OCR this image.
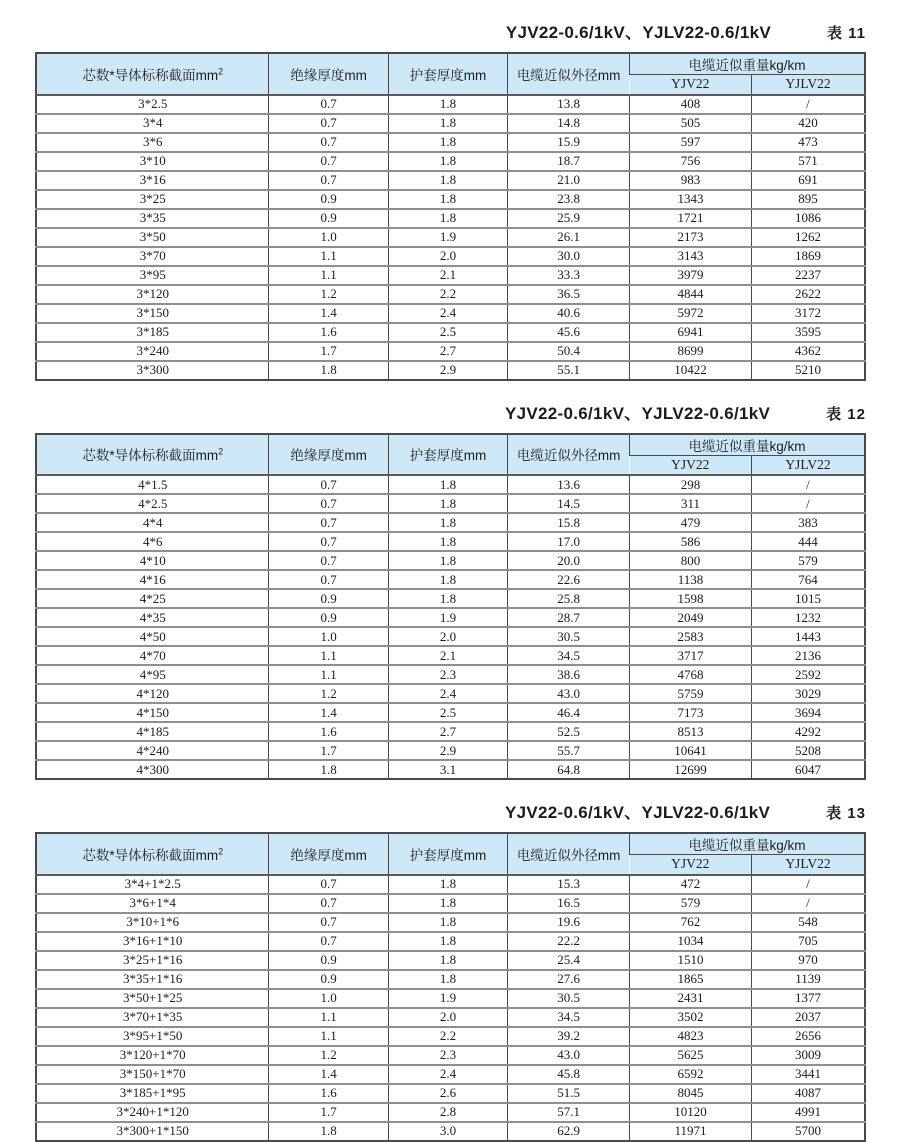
YJV22-0.6/1kV、YJLV22-0.6/1kV	表 11
芯数*导体标称截面$mm^2$	绝缘厚度mm	护套厚度mm	电缆近似外径mm	电缆近似重量kg/km	
				YJV22	YJLV22
3*2.5	0.7	1.8	13.8	408	/
3*4	0.7	1.8	14.8	505	420
3*6	0.7	1.8	15.9	597	473
3*10	0.7	1.8	18.7	756	571
3*16	0.7	1.8	21.0	983	691
3*25	0.9	1.8	23.8	1343	895
3*35	0.9	1.8	25.9	1721	1086
3*50	1.0	1.9	26.1	2173	1262
3*70	1.1	2.0	30.0	3143	1869
3*95	1.1	2.1	33.3	3979	2237
3*120	1.2	2.2	36.5	4844	2622
3*150	1.4	2.4	40.6	5972	3172
3*185	1.6	2.5	45.6	6941	3595
3*240	1.7	2.7	50.4	8699	4362
3*300	1.8	2.9	55.1	10422	5210
YJV22-0.6/1kV、YJLV22-0.6/1kV	表 12
芯数*导体标称截面$mm^2$	绝缘厚度mm	护套厚度mm	电缆近似外径mm	电缆近似重量kg/km	
				YJV22	YJLV22
4*1.5	0.7	1.8	13.6	298	/
4*2.5	0.7	1.8	14.5	311	/
4*4	0.7	1.8	15.8	479	383
4*6	0.7	1.8	17.0	586	444
4*10	0.7	1.8	20.0	800	579
4*16	0.7	1.8	22.6	1138	764
4*25	0.9	1.8	25.8	1598	1015
4*35	0.9	1.9	28.7	2049	1232
4*50	1.0	2.0	30.5	2583	1443
4*70	1.1	2.1	34.5	3717	2136
4*95	1.1	2.3	38.6	4768	2592
4*120	1.2	2.4	43.0	5759	3029
4*150	1.4	2.5	46.4	7173	3694
4*185	1.6	2.7	52.5	8513	4292
4*240	1.7	2.9	55.7	10641	5208
4*300	1.8	3.1	64.8	12699	6047
YJV22-0.6/1kV、YJLV22-0.6/1kV	表 13
芯数*导体标称截面$mm^2$	绝缘厚度mm	护套厚度mm	电缆近似外径mm	电缆近似重量kg/km	
				YJV22	YJLV22
3*4+1*2.5	0.7	1.8	15.3	472	/
3*6+1*4	0.7	1.8	16.5	579	/
3*10+1*6	0.7	1.8	19.6	762	548
3*16+1*10	0.7	1.8	22.2	1034	705
3*25+1*16	0.9	1.8	25.4	1510	970
3*35+1*16	0.9	1.8	27.6	1865	1139
3*50+1*25	1.0	1.9	30.5	2431	1377
3*70+1*35	1.1	2.0	34.5	3502	2037
3*95+1*50	1.1	2.2	39.2	4823	2656
3*120+1*70	1.2	2.3	43.0	5625	3009
3*150+1*70	1.4	2.4	45.8	6592	3441
3*185+1*95	1.6	2.6	51.5	8045	4087
3*240+1*120	1.7	2.8	57.1	10120	4991
3*300+1*150	1.8	3.0	62.9	11971	5700
